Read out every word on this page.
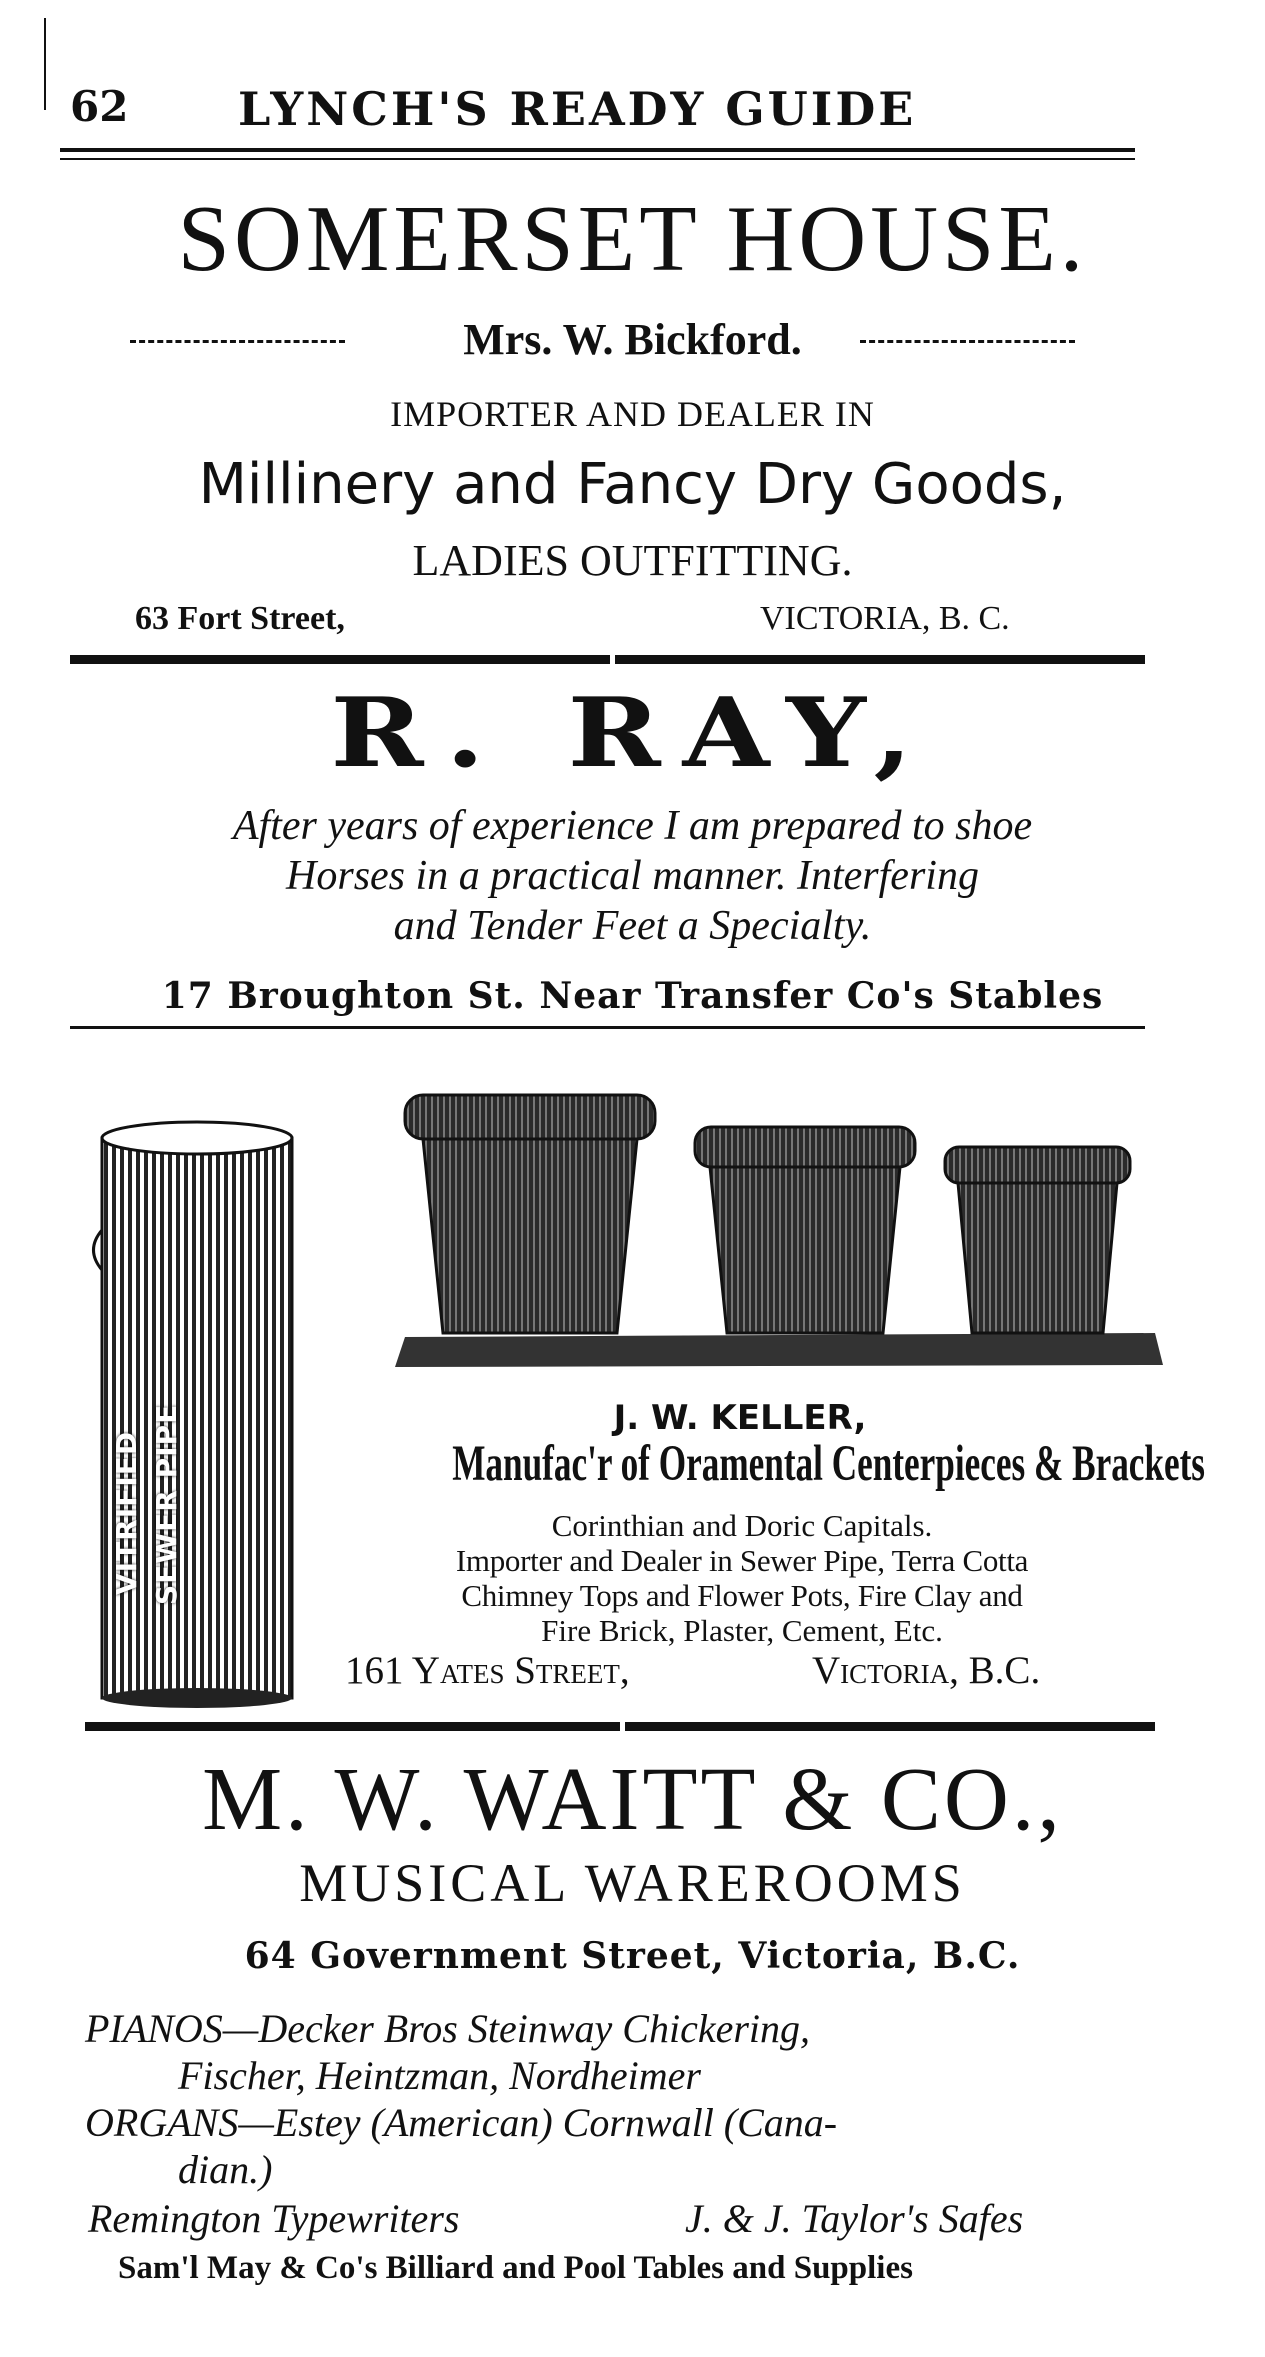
62 LYNCH'S READY GUIDE
SOMERSET HOUSE.
Mrs. W. Bickford.
IMPORTER AND DEALER IN
Millinery and Fancy Dry Goods,
LADIES OUTFITTING.
63 Fort Street,	VICTORIA, B. C.
R. RAY,
After years of experience I am prepared to shoe
Horses in a practical manner. Interfering
and Tender Feet a Specialty.
17 Broughton St. Near Transfer Co's Stables
VITRIFIED SEWER PIPE	J. W. KELLER,
Manufac'r of Oramental Centerpieces & Brackets
Corinthian and Doric Capitals.
Importer and Dealer in Sewer Pipe, Terra Cotta
Chimney Tops and Flower Pots, Fire Clay and
Fire Brick, Plaster, Cement, Etc.
161 Yates Street,	Victoria, B.C.
M. W. WAITT & CO.,
MUSICAL WAREROOMS
64 Government Street, Victoria, B.C.
PIANOS—Decker Bros Steinway Chickering,
Fischer, Heintzman, Nordheimer
ORGANS—Estey (American) Cornwall (Cana-
dian.)
Remington Typewriters	J. & J. Taylor's Safes
Sam'l May & Co's Billiard and Pool Tables and Supplies
